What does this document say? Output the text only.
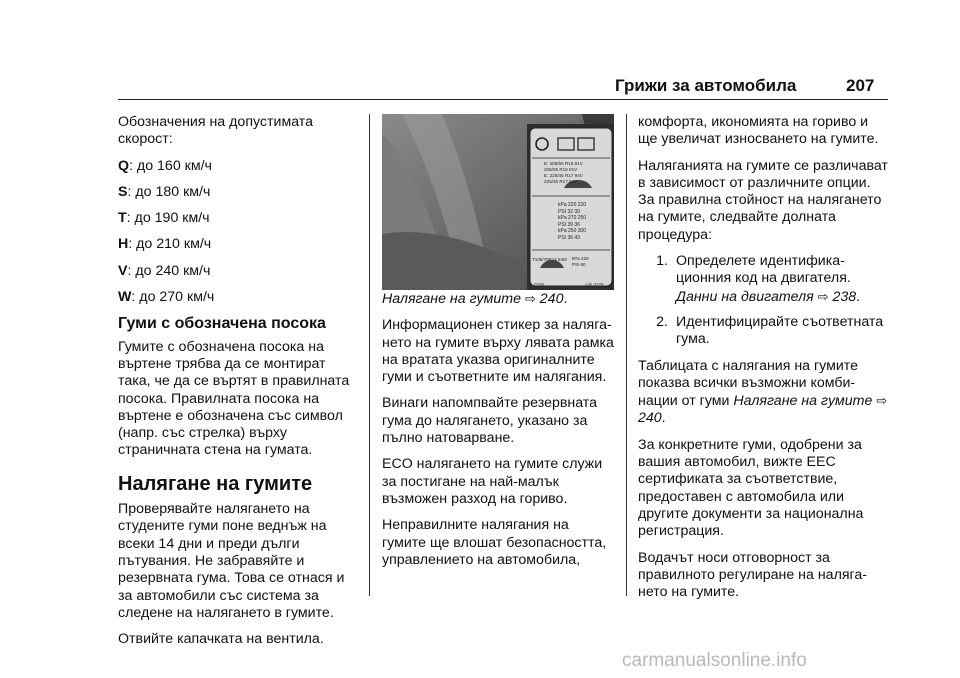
Грижи за автомобила	207

Обозначения на допустимата скорост:

Q: до 160 км/ч

S: до 180 км/ч

T: до 190 км/ч

H: до 210 км/ч

V: до 240 км/ч

W: до 270 км/ч

Гуми с обозначена посока

Гумите с обозначена посока на въртене трябва да се монтират така, че да се въртят в правилната посока. Правилната посока на въртене е обозначена със символ (напр. със стрелка) върху страничната стена на гумата.

Налягане на гумите

Проверявайте налягането на студените гуми поне веднъж на всеки 14 дни и преди дълги пътувания. Не забравяйте и резервната гума. Това се отнася и за автомобили със система за следене на налягането в гумите.

Отвийте капачката на вентила.

E: 205/55 R16 91V
205/55 R16 91V
E: 225/45 R17 94V
225/45 R17 94V
kPa 220 210
PSI 32 30
kPa 270 250
PSI 39 36
kPa 250 300
PSI 36 43
T105/70R14 84M kPa 420
PSI 60
0256	cde 0278

Налягане на гумите ⇨ 240.

Информационен стикер за налягането на гумите върху лявата рамка на вратата указва оригиналните гуми и съответните им налягания.

Винаги напомпвайте резервната гума до налягането, указано за пълно натоварване.

ECO налягането на гумите служи за постигане на най-малък възможен разход на гориво.

Неправилните налягания на гумите ще влошат безопасността, управлението на автомобила,

комфорта, икономията на гориво и ще увеличат износването на гумите.

Наляганията на гумите се различават в зависимост от различните опции. За правилна стойност на налягането на гумите, следвайте долната процедура:

1. Определете идентификационния код на двигателя. Данни на двигателя ⇨ 238.
2. Идентифицирайте съответната гума.

Таблицата с налягания на гумите показва всички възможни комбинации от гуми Налягане на гумите ⇨ 240.

За конкретните гуми, одобрени за вашия автомобил, вижте EEC сертификата за съответствие, предоставен с автомобила или другите документи за национална регистрация.

Водачът носи отговорност за правилното регулиране на налягането на гумите.

carmanualsonline.info
